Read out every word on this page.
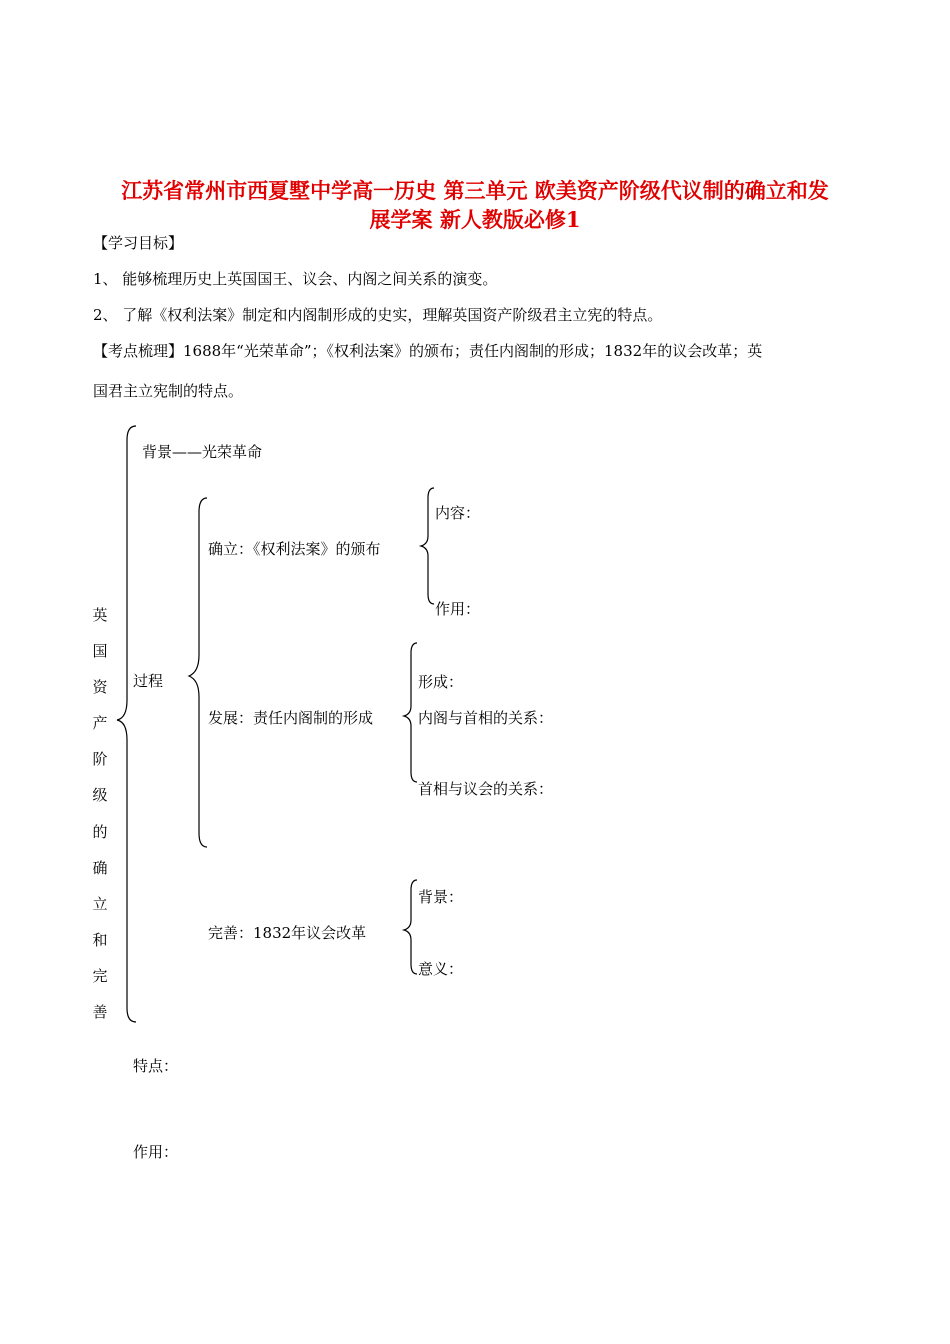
江苏省常州市西夏墅中学高一历史 第三单元 欧美资产阶级代议制的确立和发
展学案 新人教版必修1
【学习目标】
1、 能够梳理历史上英国国王、议会、内阁之间关系的演变。
2、 了解《权利法案》制定和内阁制形成的史实，理解英国资产阶级君主立宪的特点。
【考点梳理】1688年“光荣革命”；《权利法案》的颁布；责任内阁制的形成；1832年的议会改革；英
国君主立宪制的特点。
英
国
资
产
阶
级
的
确
立
和
完
善
背景——光荣革命
过程
确立：《权利法案》的颁布
内容：
作用：
发展：责任内阁制的形成
形成：
内阁与首相的关系：
首相与议会的关系：
完善：1832年议会改革
背景：
意义：
特点：
作用：
